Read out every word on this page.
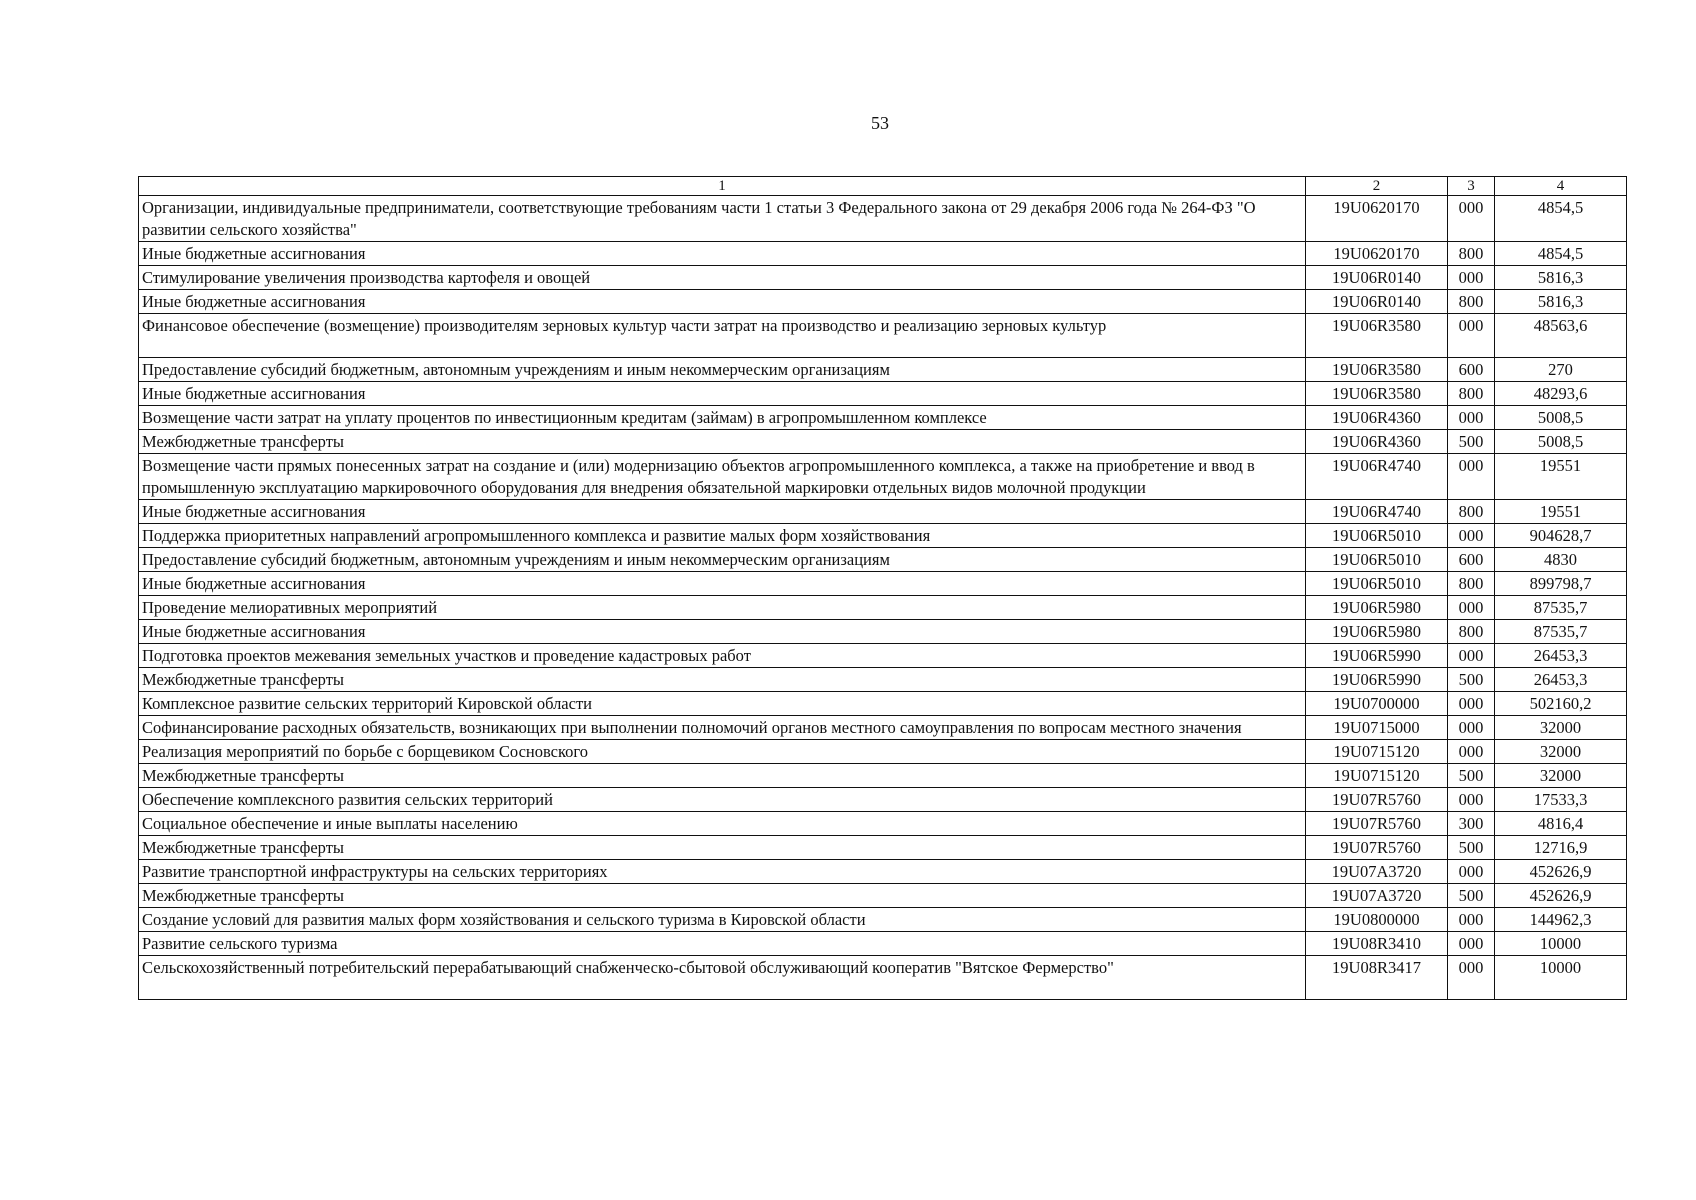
53
1	2	3	4
Организации, индивидуальные предприниматели, соответствующие требованиям части 1 статьи 3 Федерального закона от 29 декабря 2006 года № 264-ФЗ "О развитии сельского хозяйства"	19U0620170	000	4854,5
Иные бюджетные ассигнования	19U0620170	800	4854,5
Стимулирование увеличения производства картофеля и овощей	19U06R0140	000	5816,3
Иные бюджетные ассигнования	19U06R0140	800	5816,3
Финансовое обеспечение (возмещение) производителям зерновых культур части затрат на производство и реализацию зерновых культур	19U06R3580	000	48563,6
Предоставление субсидий бюджетным, автономным учреждениям и иным некоммерческим организациям	19U06R3580	600	270
Иные бюджетные ассигнования	19U06R3580	800	48293,6
Возмещение части затрат на уплату процентов по инвестиционным кредитам (займам) в агропромышленном комплексе	19U06R4360	000	5008,5
Межбюджетные трансферты	19U06R4360	500	5008,5
Возмещение части прямых понесенных затрат на создание и (или) модернизацию объектов агропромышленного комплекса, а также на приобретение и ввод в промышленную эксплуатацию маркировочного оборудования для внедрения обязательной маркировки отдельных видов молочной продукции	19U06R4740	000	19551
Иные бюджетные ассигнования	19U06R4740	800	19551
Поддержка приоритетных направлений агропромышленного комплекса и развитие малых форм хозяйствования	19U06R5010	000	904628,7
Предоставление субсидий бюджетным, автономным учреждениям и иным некоммерческим организациям	19U06R5010	600	4830
Иные бюджетные ассигнования	19U06R5010	800	899798,7
Проведение мелиоративных мероприятий	19U06R5980	000	87535,7
Иные бюджетные ассигнования	19U06R5980	800	87535,7
Подготовка проектов межевания земельных участков и проведение кадастровых работ	19U06R5990	000	26453,3
Межбюджетные трансферты	19U06R5990	500	26453,3
Комплексное развитие сельских территорий Кировской области	19U0700000	000	502160,2
Софинансирование расходных обязательств, возникающих при выполнении полномочий органов местного самоуправления по вопросам местного значения	19U0715000	000	32000
Реализация мероприятий по борьбе с борщевиком Сосновского	19U0715120	000	32000
Межбюджетные трансферты	19U0715120	500	32000
Обеспечение комплексного развития сельских территорий	19U07R5760	000	17533,3
Социальное обеспечение и иные выплаты населению	19U07R5760	300	4816,4
Межбюджетные трансферты	19U07R5760	500	12716,9
Развитие транспортной инфраструктуры на сельских территориях	19U07A3720	000	452626,9
Межбюджетные трансферты	19U07A3720	500	452626,9
Создание условий для развития малых форм хозяйствования и сельского туризма в Кировской области	19U0800000	000	144962,3
Развитие сельского туризма	19U08R3410	000	10000
Сельскохозяйственный потребительский перерабатывающий снабженческо-сбытовой обслуживающий кооператив "Вятское Фермерство"	19U08R3417	000	10000
